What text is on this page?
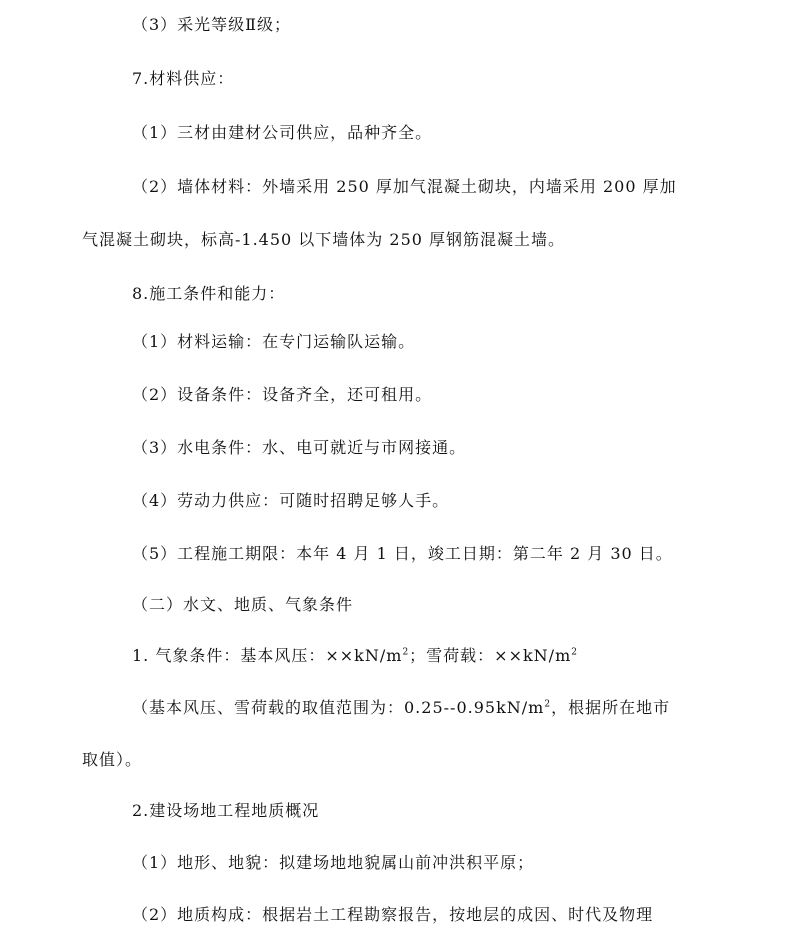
（3）采光等级Ⅱ级；
7.材料供应：
（1）三材由建材公司供应，品种齐全。
（2）墙体材料：外墙采用 250 厚加气混凝土砌块，内墙采用 200 厚加
气混凝土砌块，标高-1.450 以下墙体为 250 厚钢筋混凝土墙。
8.施工条件和能力：
（1）材料运输：在专门运输队运输。
（2）设备条件：设备齐全，还可租用。
（3）水电条件：水、电可就近与市网接通。
（4）劳动力供应：可随时招聘足够人手。
（5）工程施工期限：本年 4 月 1 日，竣工日期：第二年 2 月 30 日。
（二）水文、地质、气象条件
1. 气象条件：基本风压：$\times\times kN/m^2$；雪荷载：$\times\times kN/m^2$
（基本风压、雪荷载的取值范围为：$0.25--0.95kN/m^2$，根据所在地市
取值）。
2.建设场地工程地质概况
（1）地形、地貌：拟建场地地貌属山前冲洪积平原；
（2）地质构成：根据岩土工程勘察报告，按地层的成因、时代及物理
